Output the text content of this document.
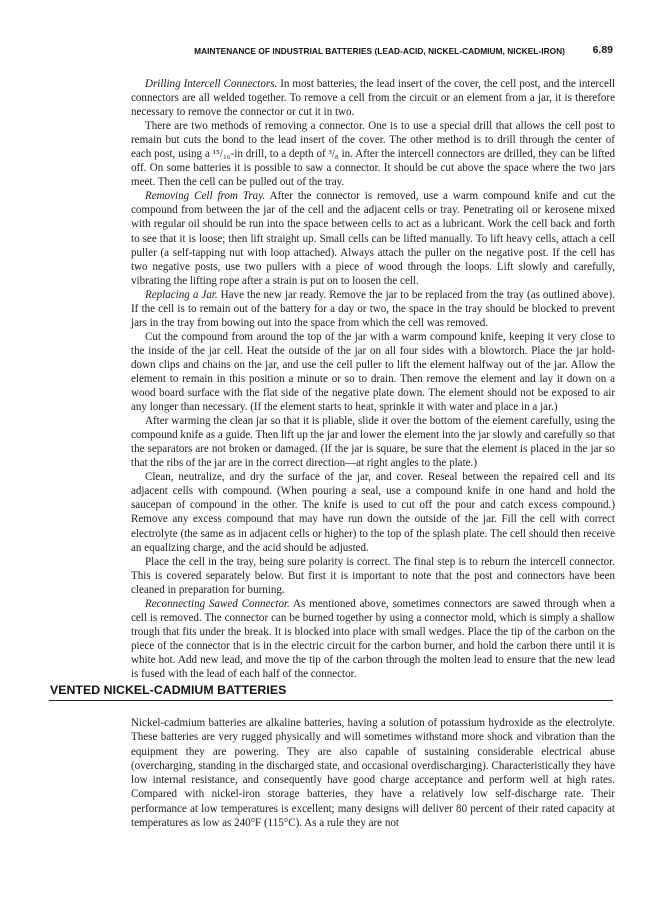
MAINTENANCE OF INDUSTRIAL BATTERIES (LEAD-ACID, NICKEL-CADMIUM, NICKEL-IRON)	6.89

Drilling Intercell Connectors. In most batteries, the lead insert of the cover, the cell post, and the intercell connectors are all welded together. To remove a cell from the circuit or an element from a jar, it is therefore necessary to remove the connector or cut it in two.

There are two methods of removing a connector. One is to use a special drill that allows the cell post to remain but cuts the bond to the lead insert of the cover. The other method is to drill through the center of each post, using a ¹⁵/₁₆-in drill, to a depth of ³/₈ in. After the intercell connectors are drilled, they can be lifted off. On some batteries it is possible to saw a connector. It should be cut above the space where the two jars meet. Then the cell can be pulled out of the tray.

Removing Cell from Tray. After the connector is removed, use a warm compound knife and cut the compound from between the jar of the cell and the adjacent cells or tray. Penetrating oil or kerosene mixed with regular oil should be run into the space between cells to act as a lubricant. Work the cell back and forth to see that it is loose; then lift straight up. Small cells can be lifted manually. To lift heavy cells, attach a cell puller (a self-tapping nut with loop attached). Always attach the puller on the negative post. If the cell has two negative posts, use two pullers with a piece of wood through the loops. Lift slowly and carefully, vibrating the lifting rope after a strain is put on to loosen the cell.

Replacing a Jar. Have the new jar ready. Remove the jar to be replaced from the tray (as outlined above). If the cell is to remain out of the battery for a day or two, the space in the tray should be blocked to prevent jars in the tray from bowing out into the space from which the cell was removed.

Cut the compound from around the top of the jar with a warm compound knife, keeping it very close to the inside of the jar cell. Heat the outside of the jar on all four sides with a blowtorch. Place the jar hold-down clips and chains on the jar, and use the cell puller to lift the element halfway out of the jar. Allow the element to remain in this position a minute or so to drain. Then remove the element and lay it down on a wood board surface with the flat side of the negative plate down. The element should not be exposed to air any longer than necessary. (If the element starts to heat, sprinkle it with water and place in a jar.)

After warming the clean jar so that it is pliable, slide it over the bottom of the element carefully, using the compound knife as a guide. Then lift up the jar and lower the element into the jar slowly and carefully so that the separators are not broken or damaged. (If the jar is square, be sure that the element is placed in the jar so that the ribs of the jar are in the correct direction—at right angles to the plate.)

Clean, neutralize, and dry the surface of the jar, and cover. Reseal between the repaired cell and its adjacent cells with compound. (When pouring a seal, use a compound knife in one hand and hold the saucepan of compound in the other. The knife is used to cut off the pour and catch excess compound.) Remove any excess compound that may have run down the outside of the jar. Fill the cell with correct electrolyte (the same as in adjacent cells or higher) to the top of the splash plate. The cell should then receive an equalizing charge, and the acid should be adjusted.

Place the cell in the tray, being sure polarity is correct. The final step is to reburn the intercell connector. This is covered separately below. But first it is important to note that the post and connectors have been cleaned in preparation for burning.

Reconnecting Sawed Connector. As mentioned above, sometimes connectors are sawed through when a cell is removed. The connector can be burned together by using a connector mold, which is simply a shallow trough that fits under the break. It is blocked into place with small wedges. Place the tip of the carbon on the piece of the connector that is in the electric circuit for the carbon burner, and hold the carbon there until it is white hot. Add new lead, and move the tip of the carbon through the molten lead to ensure that the new lead is fused with the lead of each half of the connector.

VENTED NICKEL-CADMIUM BATTERIES

Nickel-cadmium batteries are alkaline batteries, having a solution of potassium hydroxide as the electrolyte. These batteries are very rugged physically and will sometimes withstand more shock and vibration than the equipment they are powering. They are also capable of sustaining considerable electrical abuse (overcharging, standing in the discharged state, and occasional overdischarging). Characteristically they have low internal resistance, and consequently have good charge acceptance and perform well at high rates. Compared with nickel-iron storage batteries, they have a relatively low self-discharge rate. Their performance at low temperatures is excellent; many designs will deliver 80 percent of their rated capacity at temperatures as low as 240°F (115°C). As a rule they are not
